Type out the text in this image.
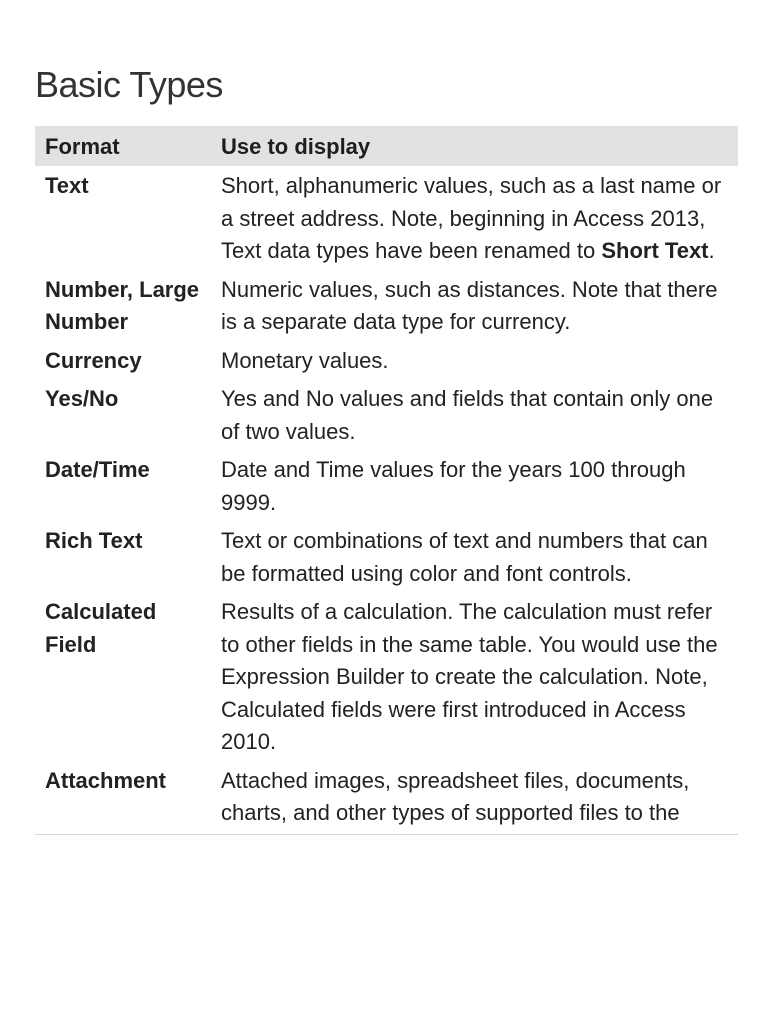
Basic Types
Format	Use to display
Text	Short, alphanumeric values, such as a last name or a street address. Note, beginning in Access 2013, Text data types have been renamed to Short Text.
Number, Large Number	Numeric values, such as distances. Note that there is a separate data type for currency.
Currency	Monetary values.
Yes/No	Yes and No values and fields that contain only one of two values.
Date/Time	Date and Time values for the years 100 through 9999.
Rich Text	Text or combinations of text and numbers that can be formatted using color and font controls.
Calculated Field	Results of a calculation. The calculation must refer to other fields in the same table. You would use the Expression Builder to create the calculation. Note, Calculated fields were first introduced in Access 2010.
Attachment	Attached images, spreadsheet files, documents, charts, and other types of supported files to the
